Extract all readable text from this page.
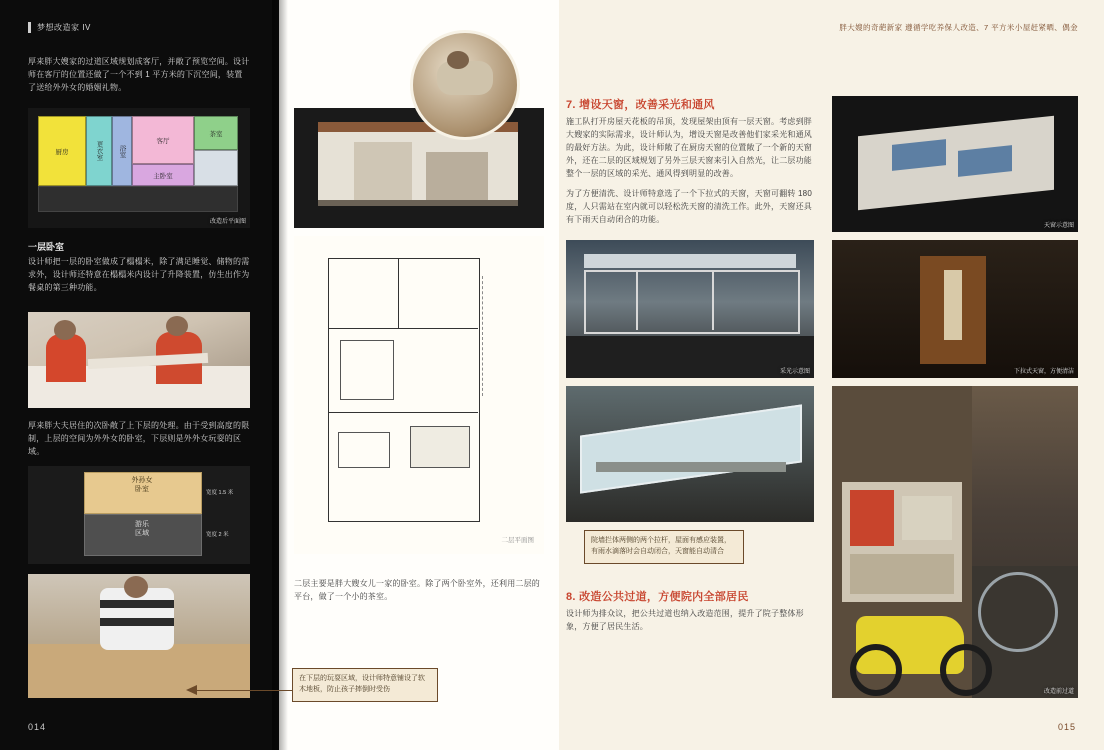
梦想改造家 IV	胖大嫂的奇葩新家 遵循学吃养保人改造、7 平方米小屋赶紧晒、偶金
014	015
厚来胖大嫂家的过道区域规划成客厅，并敞了预览空间。设计师在客厅的位置还做了一个不到 1 平方米的下沉空间，装置了送给外外女的婚姻礼物。
厨房	更衣室 浴室
客厅
主卧室
茶室
改造后平面图
一层卧室
设计师把一层的卧室做成了榻榻米，除了满足睡觉、储物的需求外，设计师还特意在榻榻米内设计了升降装置，仿生出作为餐桌的第三种功能。
厚来胖大夫居住的次卧敞了上下层的处理。由于受到高度的限制，上层的空间为外外女的卧室，下层则是外外女玩耍的区域。
外孙女
卧室
游乐
区域
宽度 1.5 米
宽度 2 米
在下层的玩耍区域，设计师特意铺设了软木地板，防止孩子摔倒时受伤
二层平面图
二层主要是胖大嫂女儿一家的卧室。除了两个卧室外，还利用二层的平台，做了一个小的茶室。
7. 增设天窗，改善采光和通风
施工队打开房屋天花板的吊顶，发现屋架由顶有一层天窗。考虑到胖大嫂家的实际需求，设计师认为，增设天窗是改善他们家采光和通风的最好方法。为此，设计师敞了在厨房天窗的位置敞了一个新的天窗外，还在二层的区域规划了另外三层天窗来引入自然光，让二层功能整个一层的区域的采光、通风得到明显的改善。
为了方便清洗、设计师特意选了一个下拉式的天窗，天窗可翻转 180 度，人只需站在室内就可以轻松洗天窗的清洗工作。此外，天窗还具有下雨天自动闭合的功能。
天窗示意图
采光示意图	下拉式天窗，方便清洁
院墙拦体两侧的两个拉杆，屋面有感应装置，有雨水滴落时会自动闭合，天窗能自动清合
改造前过道
8. 改造公共过道，方便院内全部居民
设计师为排众议，把公共过道也纳入改造范围，提升了院子整体形象，方便了居民生活。
